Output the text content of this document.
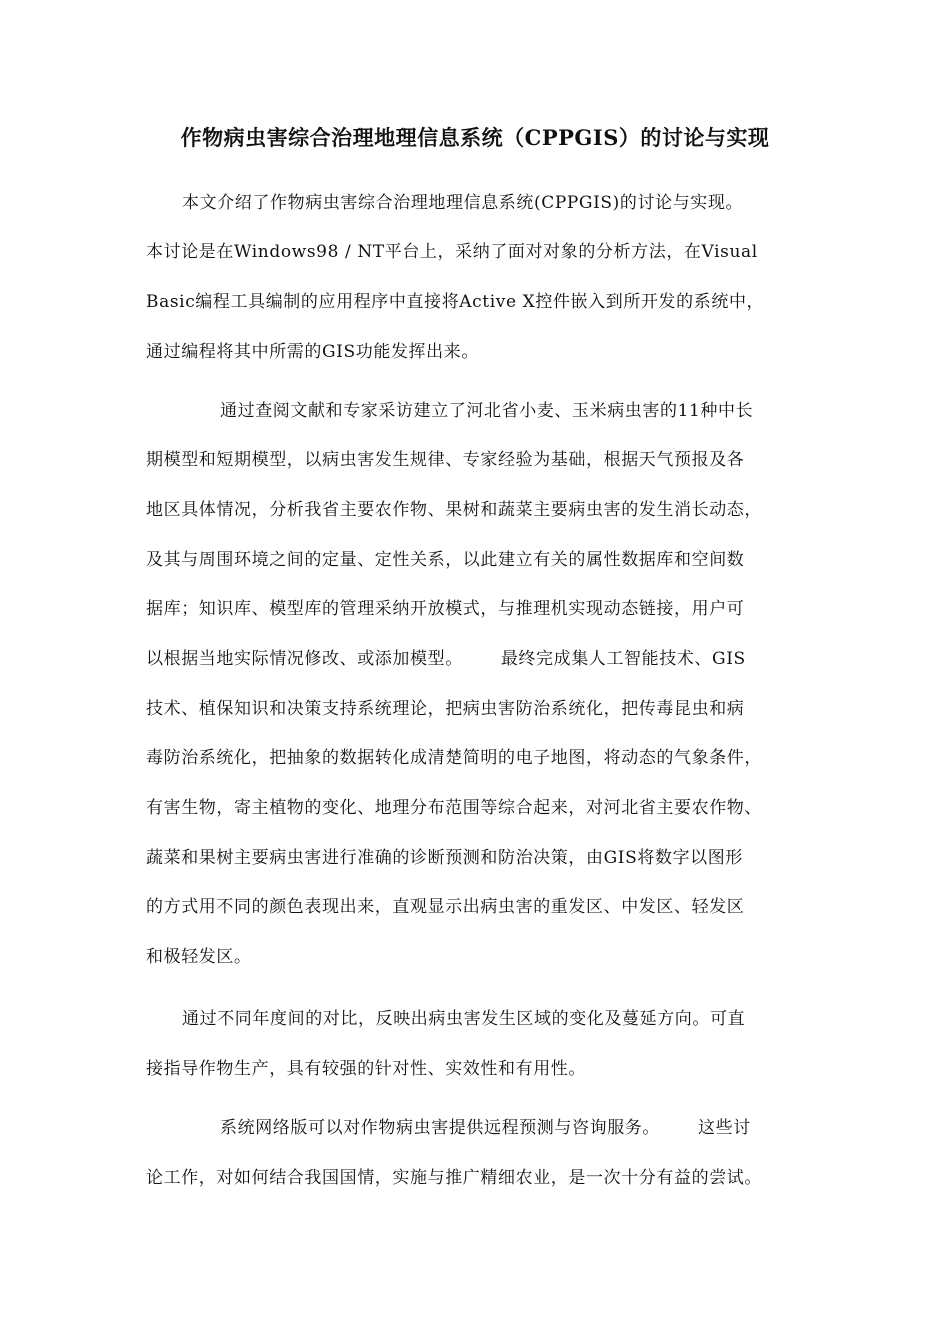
作物病虫害综合治理地理信息系统（CPPGIS）的讨论与实现
本文介绍了作物病虫害综合治理地理信息系统(CPPGIS)的讨论与实现。
本讨论是在Windows98 / NT平台上，采纳了面对对象的分析方法，在Visual
Basic编程工具编制的应用程序中直接将Active X控件嵌入到所开发的系统中，
通过编程将其中所需的GIS功能发挥出来。
通过查阅文献和专家采访建立了河北省小麦、玉米病虫害的11种中长
期模型和短期模型，以病虫害发生规律、专家经验为基础，根据天气预报及各
地区具体情况，分析我省主要农作物、果树和蔬菜主要病虫害的发生消长动态，
及其与周围环境之间的定量、定性关系，以此建立有关的属性数据库和空间数
据库；知识库、模型库的管理采纳开放模式，与推理机实现动态链接，用户可
以根据当地实际情况修改、或添加模型。 最终完成集人工智能技术、GIS
技术、植保知识和决策支持系统理论，把病虫害防治系统化，把传毒昆虫和病
毒防治系统化，把抽象的数据转化成清楚简明的电子地图，将动态的气象条件，
有害生物，寄主植物的变化、地理分布范围等综合起来，对河北省主要农作物、
蔬菜和果树主要病虫害进行准确的诊断预测和防治决策，由GIS将数字以图形
的方式用不同的颜色表现出来，直观显示出病虫害的重发区、中发区、轻发区
和极轻发区。
通过不同年度间的对比，反映出病虫害发生区域的变化及蔓延方向。可直
接指导作物生产，具有较强的针对性、实效性和有用性。
系统网络版可以对作物病虫害提供远程预测与咨询服务。 这些讨
论工作，对如何结合我国国情，实施与推广精细农业，是一次十分有益的尝试。
